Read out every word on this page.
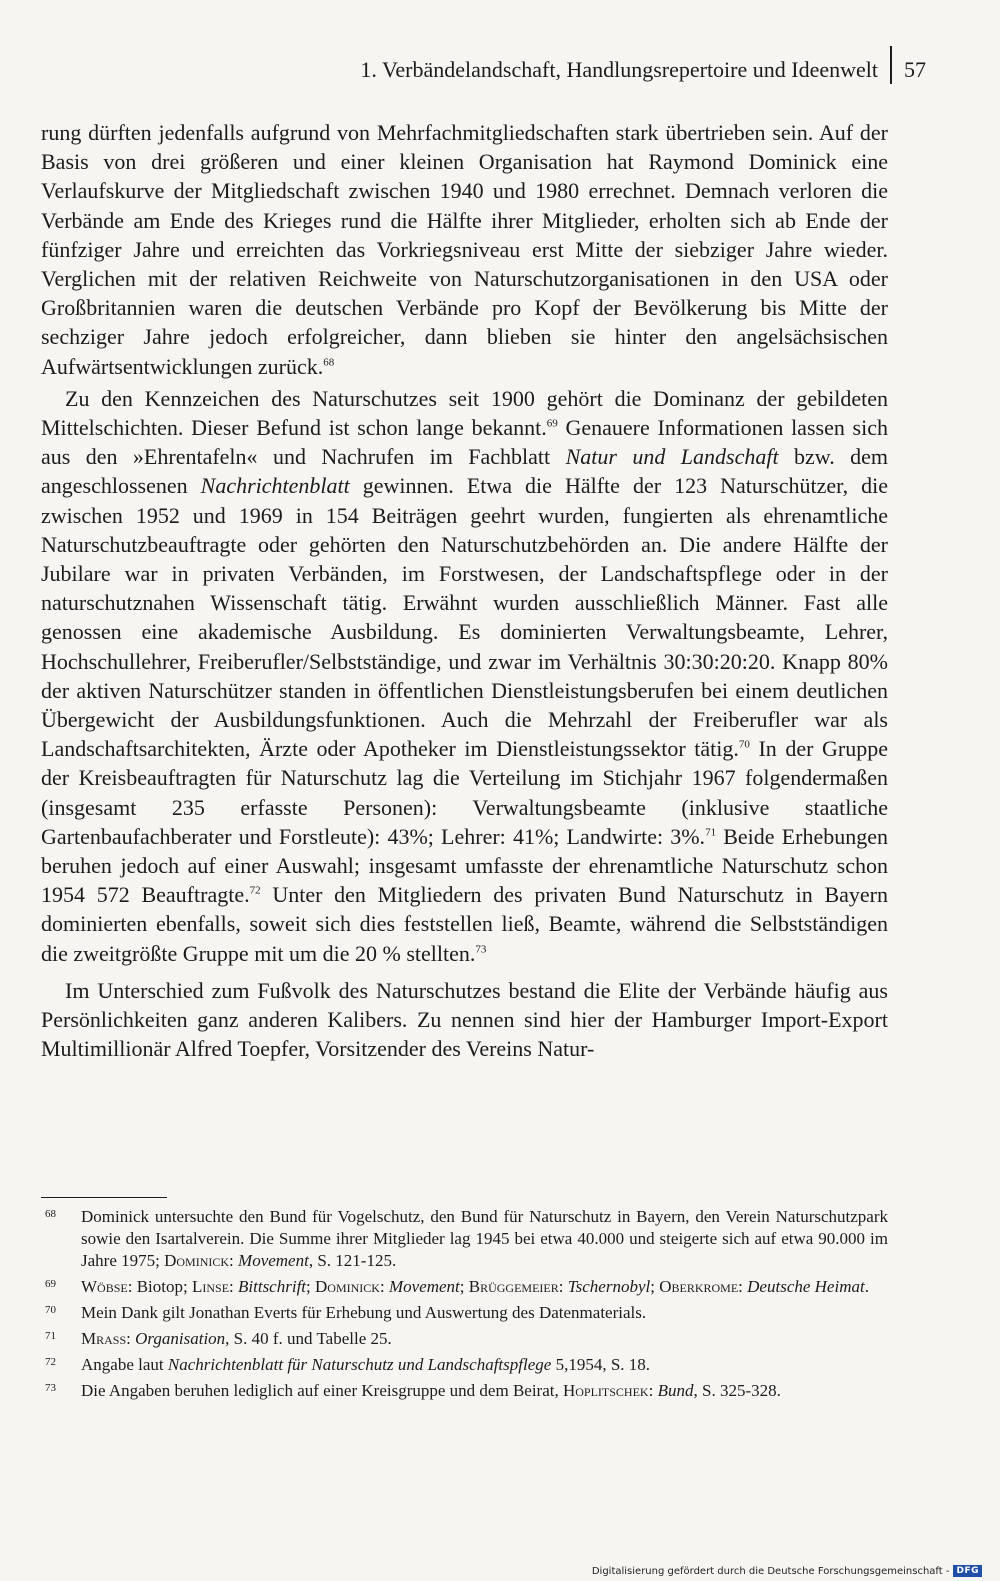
1. Verbändelandschaft, Handlungsrepertoire und Ideenwelt	57

rung dürften jedenfalls aufgrund von Mehrfachmitgliedschaften stark übertrieben sein. Auf der Basis von drei größeren und einer kleinen Organisation hat Raymond Dominick eine Verlaufskurve der Mitgliedschaft zwischen 1940 und 1980 errechnet. Demnach verloren die Verbände am Ende des Krieges rund die Hälfte ihrer Mitglieder, erholten sich ab Ende der fünfziger Jahre und erreichten das Vorkriegsniveau erst Mitte der siebziger Jahre wieder. Verglichen mit der relativen Reichweite von Naturschutzorganisationen in den USA oder Großbritannien waren die deutschen Verbände pro Kopf der Bevölkerung bis Mitte der sechziger Jahre jedoch erfolgreicher, dann blieben sie hinter den angelsächsischen Aufwärtsentwicklungen zurück.$^{68}$

Zu den Kennzeichen des Naturschutzes seit 1900 gehört die Dominanz der gebildeten Mittelschichten. Dieser Befund ist schon lange bekannt.$^{69}$ Genauere Informationen lassen sich aus den »Ehrentafeln« und Nachrufen im Fachblatt Natur und Landschaft bzw. dem angeschlossenen Nachrichtenblatt gewinnen. Etwa die Hälfte der 123 Naturschützer, die zwischen 1952 und 1969 in 154 Beiträgen geehrt wurden, fungierten als ehrenamtliche Naturschutzbeauftragte oder gehörten den Naturschutzbehörden an. Die andere Hälfte der Jubilare war in privaten Verbänden, im Forstwesen, der Landschaftspflege oder in der naturschutznahen Wissenschaft tätig. Erwähnt wurden ausschließlich Männer. Fast alle genossen eine akademische Ausbildung. Es dominierten Verwaltungsbeamte, Lehrer, Hochschullehrer, Freiberufler/Selbstständige, und zwar im Verhältnis 30:30:20:20. Knapp 80% der aktiven Naturschützer standen in öffentlichen Dienstleistungsberufen bei einem deutlichen Übergewicht der Ausbildungsfunktionen. Auch die Mehrzahl der Freiberufler war als Landschaftsarchitekten, Ärzte oder Apotheker im Dienstleistungssektor tätig.$^{70}$ In der Gruppe der Kreisbeauftragten für Naturschutz lag die Verteilung im Stichjahr 1967 folgendermaßen (insgesamt 235 erfasste Personen): Verwaltungsbeamte (inklusive staatliche Gartenbaufachberater und Forstleute): 43%; Lehrer: 41%; Landwirte: 3%.$^{71}$ Beide Erhebungen beruhen jedoch auf einer Auswahl; insgesamt umfasste der ehrenamtliche Naturschutz schon 1954 572 Beauftragte.$^{72}$ Unter den Mitgliedern des privaten Bund Naturschutz in Bayern dominierten ebenfalls, soweit sich dies feststellen ließ, Beamte, während die Selbstständigen die zweitgrößte Gruppe mit um die 20 % stellten.$^{73}$

Im Unterschied zum Fußvolk des Naturschutzes bestand die Elite der Verbände häufig aus Persönlichkeiten ganz anderen Kalibers. Zu nennen sind hier der Hamburger Import-Export Multimillionär Alfred Toepfer, Vorsitzender des Vereins Natur-

68	Dominick untersuchte den Bund für Vogelschutz, den Bund für Naturschutz in Bayern, den Verein Naturschutzpark sowie den Isartalverein. Die Summe ihrer Mitglieder lag 1945 bei etwa 40.000 und steigerte sich auf etwa 90.000 im Jahre 1975; Dominick: Movement, S. 121-125.
69	Wöbse: Biotop; Linse: Bittschrift; Dominick: Movement; Brüggemeier: Tschernobyl; Oberkrome: Deutsche Heimat.
70	Mein Dank gilt Jonathan Everts für Erhebung und Auswertung des Datenmaterials.
71	Mrass: Organisation, S. 40 f. und Tabelle 25.
72	Angabe laut Nachrichtenblatt für Naturschutz und Landschaftspflege 5,1954, S. 18.
73	Die Angaben beruhen lediglich auf einer Kreisgruppe und dem Beirat, Hoplitschek: Bund, S. 325-328.
Digitalisierung gefördert durch die Deutsche Forschungsgemeinschaft - DFG
